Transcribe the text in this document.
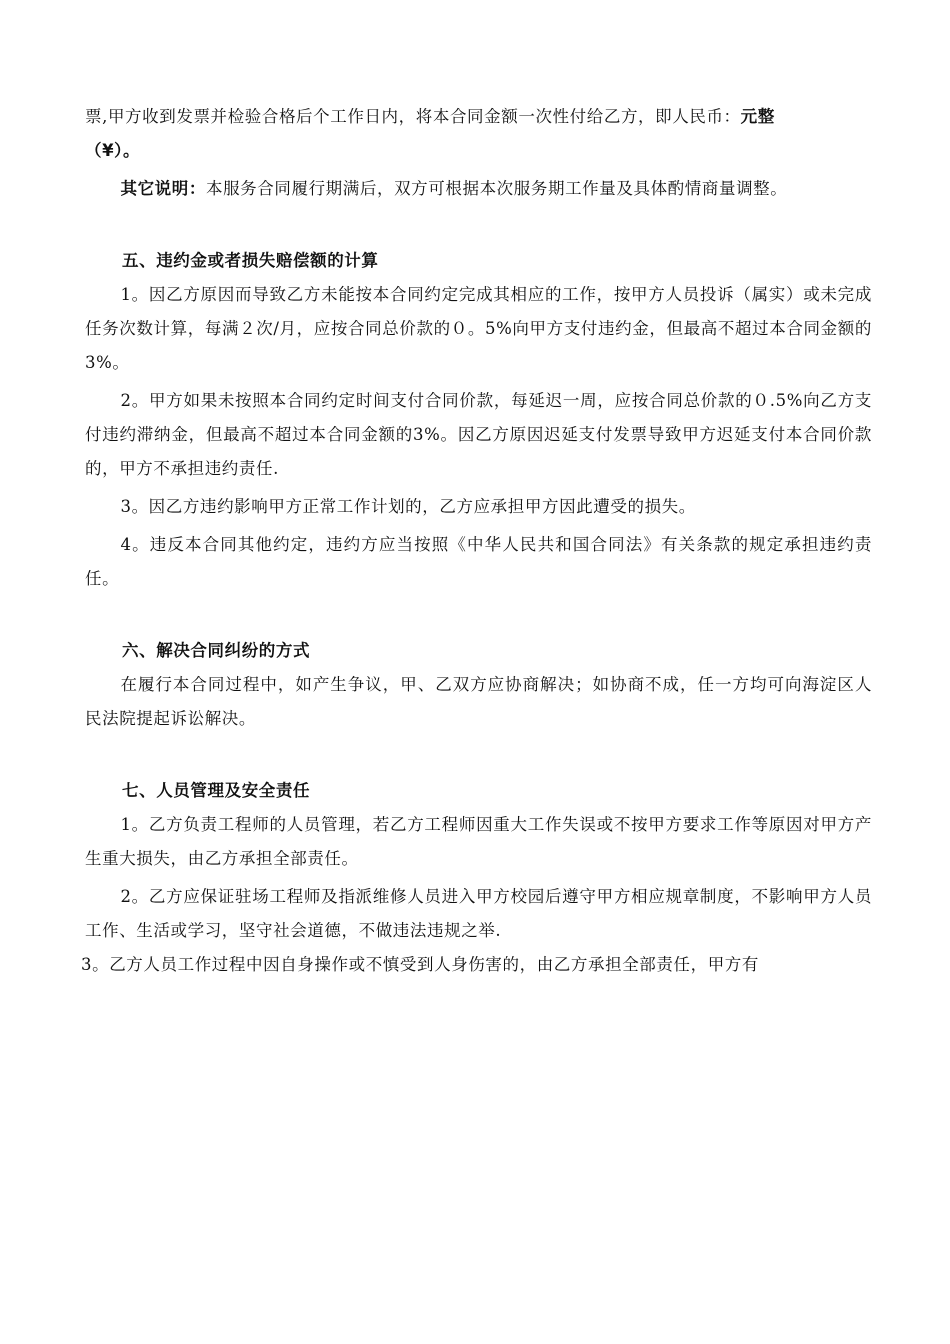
票,甲方收到发票并检验合格后个工作日内，将本合同金额一次性付给乙方，即人民币：元整
（¥）。

其它说明：本服务合同履行期满后，双方可根据本次服务期工作量及具体酌情商量调整。

五、违约金或者损失赔偿额的计算

1。因乙方原因而导致乙方未能按本合同约定完成其相应的工作，按甲方人员投诉（属实）或未完成任务次数计算，每满２次/月，应按合同总价款的０。5%向甲方支付违约金，但最高不超过本合同金额的3%。

2。甲方如果未按照本合同约定时间支付合同价款，每延迟一周，应按合同总价款的０.5%向乙方支付违约滞纳金，但最高不超过本合同金额的3%。因乙方原因迟延支付发票导致甲方迟延支付本合同价款的，甲方不承担违约责任.

3。因乙方违约影响甲方正常工作计划的，乙方应承担甲方因此遭受的损失。

4。违反本合同其他约定，违约方应当按照《中华人民共和国合同法》有关条款的规定承担违约责任。

六、解决合同纠纷的方式

在履行本合同过程中，如产生争议，甲、乙双方应协商解决；如协商不成，任一方均可向海淀区人民法院提起诉讼解决。

七、人员管理及安全责任

1。乙方负责工程师的人员管理，若乙方工程师因重大工作失误或不按甲方要求工作等原因对甲方产生重大损失，由乙方承担全部责任。

2。乙方应保证驻场工程师及指派维修人员进入甲方校园后遵守甲方相应规章制度，不影响甲方人员工作、生活或学习，坚守社会道德，不做违法违规之举.

3。乙方人员工作过程中因自身操作或不慎受到人身伤害的，由乙方承担全部责任，甲方有
